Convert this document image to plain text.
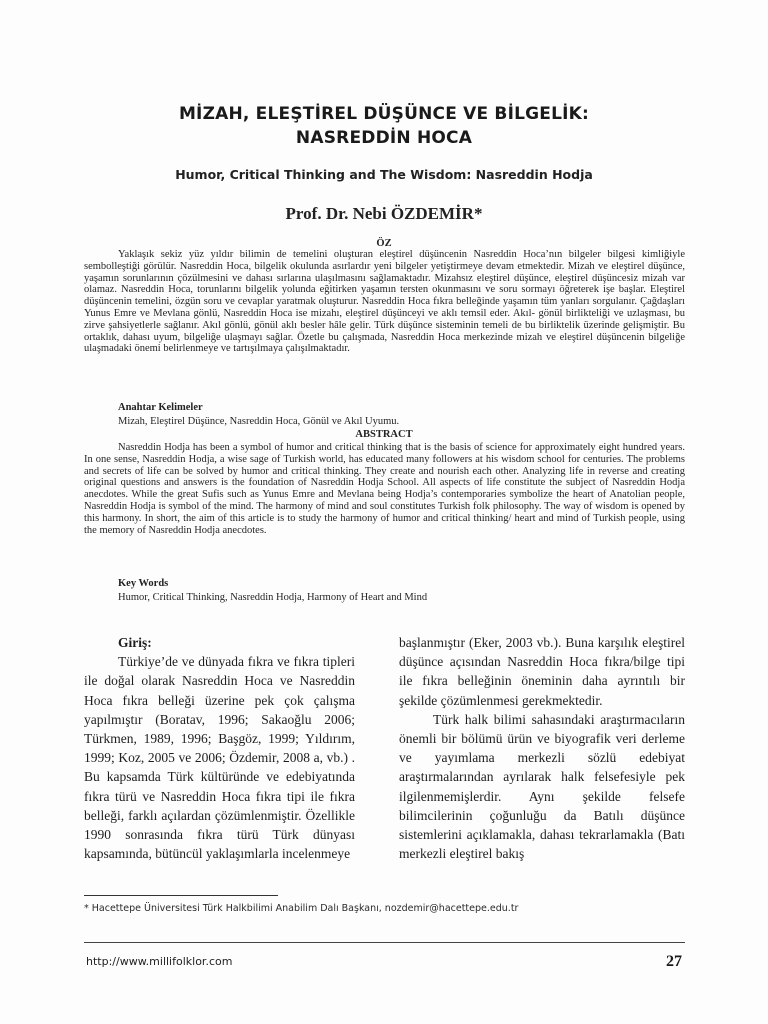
MİZAH, ELEŞTİREL DÜŞÜNCE VE BİLGELİK:
NASREDDİN HOCA
Humor, Critical Thinking and The Wisdom: Nasreddin Hodja
Prof. Dr. Nebi ÖZDEMİR*
ÖZ

Yaklaşık sekiz yüz yıldır bilimin de temelini oluşturan eleştirel düşüncenin Nasreddin Hoca’nın bilgeler bilgesi kimliğiyle sembolleştiği görülür. Nasreddin Hoca, bilgelik okulunda asırlardır yeni bilgeler yetiştirmeye devam etmektedir. Mizah ve eleştirel düşünce, yaşamın sorunlarının çözülmesini ve dahası sırlarına ulaşılmasını sağlamaktadır. Mizahsız eleştirel düşünce, eleştirel düşüncesiz mizah var olamaz. Nasreddin Hoca, torunlarını bilgelik yolunda eğitirken yaşamın tersten okunmasını ve soru sormayı öğreterek işe başlar. Eleştirel düşüncenin temelini, özgün soru ve cevaplar yaratmak oluşturur. Nasreddin Hoca fıkra belleğinde yaşamın tüm yanları sorgulanır. Çağdaşları Yunus Emre ve Mevlana gönlü, Nasreddin Hoca ise mizahı, eleştirel düşünceyi ve aklı temsil eder. Akıl- gönül birlikteliği ve uzlaşması, bu zirve şahsiyetlerle sağlanır. Akıl gönlü, gönül aklı besler hâle gelir. Türk düşünce sisteminin temeli de bu birliktelik üzerinde gelişmiştir. Bu ortaklık, dahası uyum, bilgeliğe ulaşmayı sağlar. Özetle bu çalışmada, Nasreddin Hoca merkezinde mizah ve eleştirel düşüncenin bilgeliğe ulaşmadaki önemi belirlenmeye ve tartışılmaya çalışılmaktadır.

Anahtar Kelimeler
Mizah, Eleştirel Düşünce, Nasreddin Hoca, Gönül ve Akıl Uyumu.
ABSTRACT

Nasreddin Hodja has been a symbol of humor and critical thinking that is the basis of science for approximately eight hundred years. In one sense, Nasreddin Hodja, a wise sage of Turkish world, has educated many followers at his wisdom school for centuries. The problems and secrets of life can be solved by humor and critical thinking. They create and nourish each other. Analyzing life in reverse and creating original questions and answers is the foundation of Nasreddin Hodja School. All aspects of life constitute the subject of Nasreddin Hodja anecdotes. While the great Sufis such as Yunus Emre and Mevlana being Hodja’s contemporaries symbolize the heart of Anatolian people, Nasreddin Hodja is symbol of the mind. The harmony of mind and soul constitutes Turkish folk philosophy. The way of wisdom is opened by this harmony. In short, the aim of this article is to study the harmony of humor and critical thinking/ heart and mind of Turkish people, using the memory of Nasreddin Hodja anecdotes.

Key Words
Humor, Critical Thinking, Nasreddin Hodja, Harmony of Heart and Mind

Giriş:

Türkiye’de ve dünyada fıkra ve fıkra tipleri ile doğal olarak Nasreddin Hoca ve Nasreddin Hoca fıkra belleği üzerine pek çok çalışma yapılmıştır (Boratav, 1996; Sakaoğlu 2006; Türkmen, 1989, 1996; Başgöz, 1999; Yıldırım, 1999; Koz, 2005 ve 2006; Özdemir, 2008 a, vb.) . Bu kapsamda Türk kültüründe ve edebiyatında fıkra türü ve Nasreddin Hoca fıkra tipi ile fıkra belleği, farklı açılardan çözümlenmiştir. Özellikle 1990 sonrasında fıkra türü Türk dünyası kapsamında, bütüncül yaklaşımlarla incelenmeye

başlanmıştır (Eker, 2003 vb.). Buna karşılık eleştirel düşünce açısından Nasreddin Hoca fıkra/bilge tipi ile fıkra belleğinin öneminin daha ayrıntılı bir şekilde çözümlenmesi gerekmektedir.

Türk halk bilimi sahasındaki araştırmacıların önemli bir bölümü ürün ve biyografik veri derleme ve yayımlama merkezli sözlü edebiyat araştırmalarından ayrılarak halk felsefesiyle pek ilgilenmemişlerdir. Aynı şekilde felsefe bilimcilerinin çoğunluğu da Batılı düşünce sistemlerini açıklamakla, dahası tekrarlamakla (Batı merkezli eleştirel bakış

* Hacettepe Üniversitesi Türk Halkbilimi Anabilim Dalı Başkanı, nozdemir@hacettepe.edu.tr
http://www.millifolklor.com	27
